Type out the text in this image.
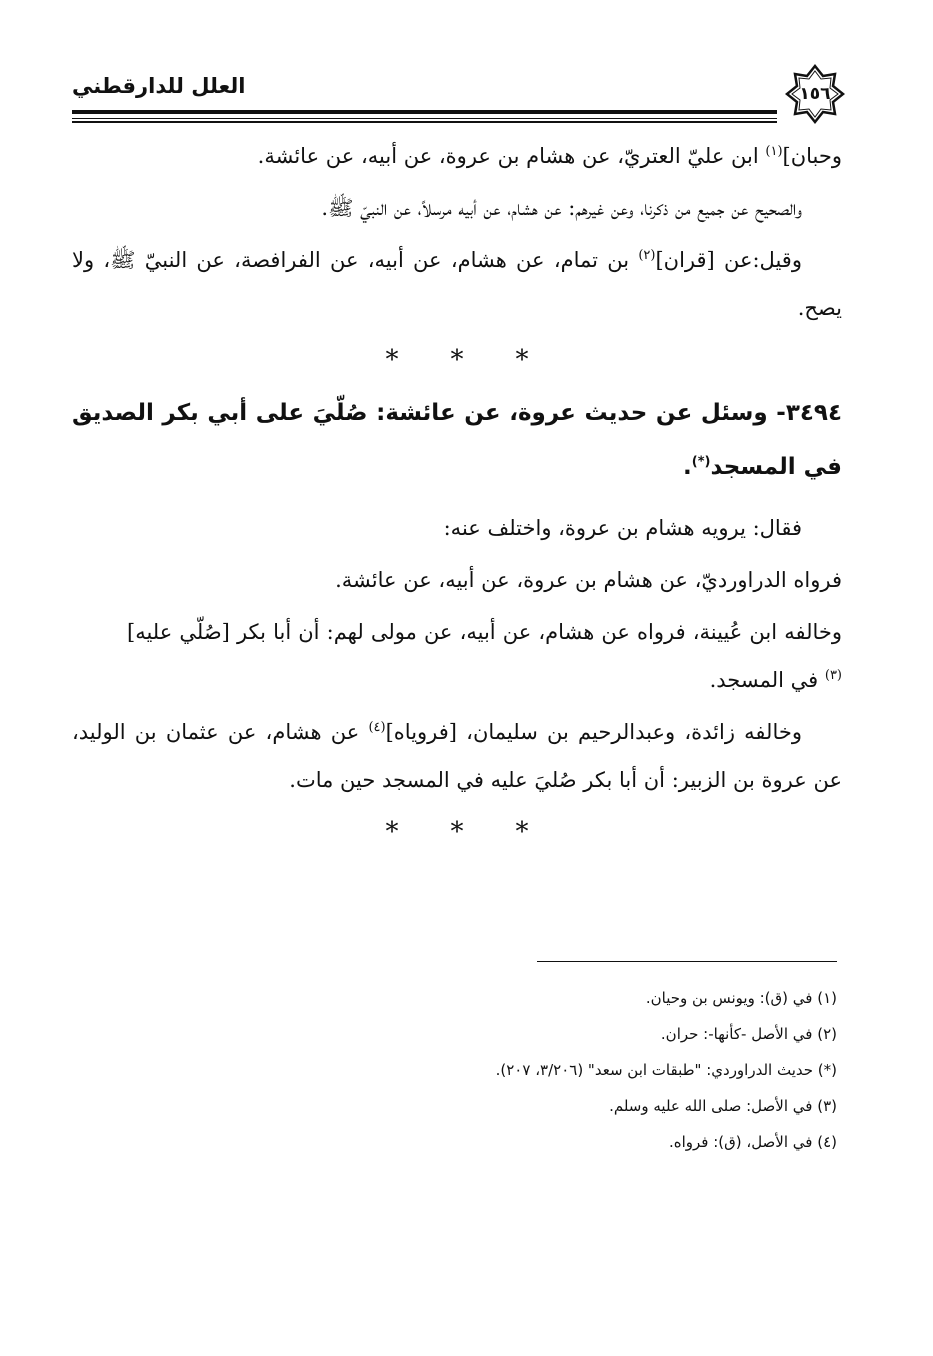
العلل للدارقطني	١٥٦

وحبان]$^{(١)}$ ابن عليّ العتريّ، عن هشام بن عروة، عن أبيه، عن عائشة.

والصحيح عن جميع من ذكرنا، وعن غيرهم: عن هشام، عن أبيه مرسلاً، عن النبيّ ﷺ.

وقيل:عن [قران]$^{(٢)}$ بن تمام، عن هشام، عن أبيه، عن الفرافصة، عن النبيّ ﷺ، ولا يصح.

***

٣٤٩٤- وسئل عن حديث عروة، عن عائشة: صُلّيَ على أبي بكر الصديق في المسجد(*).

فقال: يرويه هشام بن عروة، واختلف عنه:

فرواه الدراورديّ، عن هشام بن عروة، عن أبيه، عن عائشة.

وخالفه ابن عُيينة، فرواه عن هشام، عن أبيه، عن مولى لهم: أن أبا بكر [صُلّي عليه]$^{(٣)}$ في المسجد.

وخالفه زائدة، وعبدالرحيم بن سليمان، [فروياه]$^{(٤)}$ عن هشام، عن عثمان بن الوليد، عن عروة بن الزبير: أن أبا بكر صُليَ عليه في المسجد حين مات.

***

(١) في (ق): ويونس بن وحيان.

(٢) في الأصل -كأنها-: حران.

(*) حديث الدراوردي: "طبقات ابن سعد" (٣/٢٠٦، ٢٠٧).

(٣) في الأصل: صلى الله عليه وسلم.

(٤) في الأصل، (ق): فرواه.
